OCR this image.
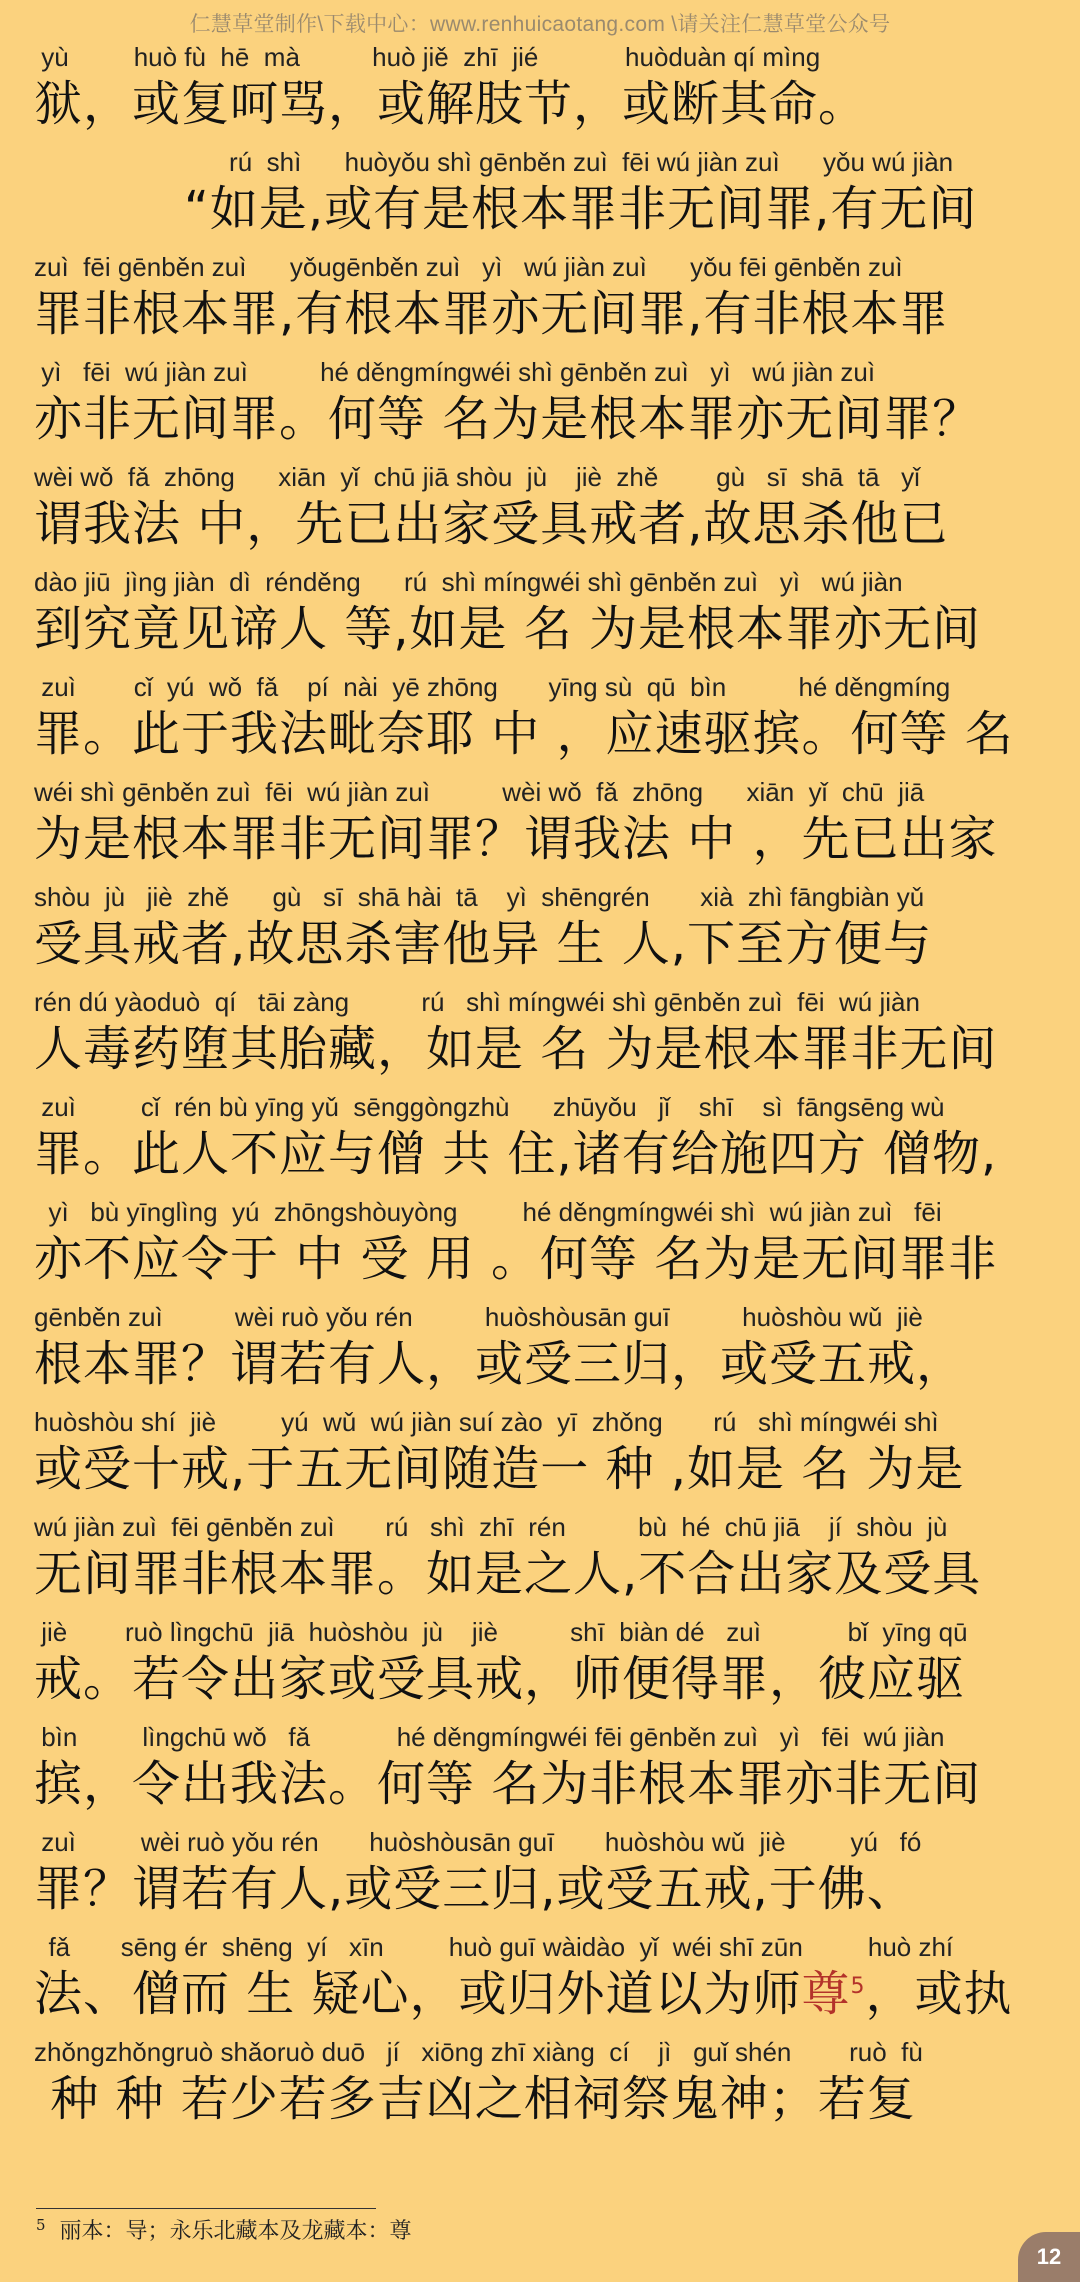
仁慧草堂制作\下载中心：www.renhuicaotang.com \请关注仁慧草堂公众号
yù         huò fù  hē  mà          huò jiě  zhī  jié            huòduàn qí mìng
狱，或复呵骂，或解肢节，或断其命。
rú  shì      huòyǒu shì gēnběn zuì  fēi wú jiàn zuì      yǒu wú jiàn
“如是,或有是根本罪非无间罪,有无间
zuì  fēi gēnběn zuì      yǒugēnběn zuì   yì   wú jiàn zuì      yǒu fēi gēnběn zuì
罪非根本罪,有根本罪亦无间罪,有非根本罪
yì   fēi  wú jiàn zuì          hé děngmíngwéi shì gēnběn zuì   yì   wú jiàn zuì
亦非无间罪。何等 名为是根本罪亦无间罪？
wèi wǒ  fǎ  zhōng      xiān  yǐ  chū jiā shòu  jù    jiè  zhě        gù   sī  shā  tā   yǐ
谓我法 中，先已出家受具戒者,故思杀他已
dào jiū  jìng jiàn  dì  rénděng      rú  shì míngwéi shì gēnběn zuì   yì   wú jiàn
到究竟见谛人 等,如是 名 为是根本罪亦无间
zuì        cǐ  yú  wǒ  fǎ    pí  nài  yē zhōng       yīng sù  qū  bìn          hé děngmíng
罪。此于我法毗奈耶 中 ，应速驱摈。何等 名
wéi shì gēnběn zuì  fēi  wú jiàn zuì          wèi wǒ  fǎ  zhōng      xiān  yǐ  chū  jiā
为是根本罪非无间罪？谓我法 中 ，先已出家
shòu  jù   jiè  zhě      gù   sī  shā hài  tā    yì  shēngrén       xià  zhì fāngbiàn yǔ
受具戒者,故思杀害他异 生 人,下至方便与
rén dú yàoduò  qí   tāi zàng          rú   shì míngwéi shì gēnběn zuì  fēi  wú jiàn
人毒药堕其胎藏，如是 名 为是根本罪非无间
zuì         cǐ  rén bù yīng yǔ  sēnggòngzhù      zhūyǒu   jǐ    shī    sì  fāngsēng wù
罪。此人不应与僧 共 住,诸有给施四方 僧物,
yì   bù yīnglìng  yú  zhōngshòuyòng         hé děngmíngwéi shì  wú jiàn zuì   fēi
亦不应令于 中 受 用 。何等 名为是无间罪非
gēnběn zuì          wèi ruò yǒu rén          huòshòusān guī          huòshòu wǔ  jiè
根本罪？谓若有人，或受三归，或受五戒，
huòshòu shí  jiè         yú  wǔ  wú jiàn suí zào  yī  zhǒng       rú   shì míngwéi shì
或受十戒,于五无间随造一 种 ,如是 名 为是
wú jiàn zuì  fēi gēnběn zuì       rú   shì  zhī  rén          bù  hé  chū jiā    jí  shòu  jù
无间罪非根本罪。如是之人,不合出家及受具
jiè        ruò lìngchū  jiā  huòshòu  jù    jiè          shī  biàn dé   zuì            bǐ  yīng qū
戒。若令出家或受具戒，师便得罪，彼应驱
bìn         lìngchū wǒ   fǎ            hé děngmíngwéi fēi gēnběn zuì   yì   fēi  wú jiàn
摈，令出我法。何等 名为非根本罪亦非无间
zuì         wèi ruò yǒu rén       huòshòusān guī       huòshòu wǔ  jiè         yú   fó
罪？谓若有人,或受三归,或受五戒,于佛、
fǎ       sēng ér  shēng  yí   xīn         huò guī wàidào  yǐ  wéi shī zūn         huò zhí
法、僧而 生 疑心，或归外道以为师尊$^5$，或执
zhǒngzhǒngruò shǎoruò duō   jí   xiōng zhī xiàng  cí    jì   guǐ shén        ruò  fù
种 种 若少若多吉凶之相祠祭鬼神；若复
$^5$ 丽本：导；永乐北藏本及龙藏本：尊
12
